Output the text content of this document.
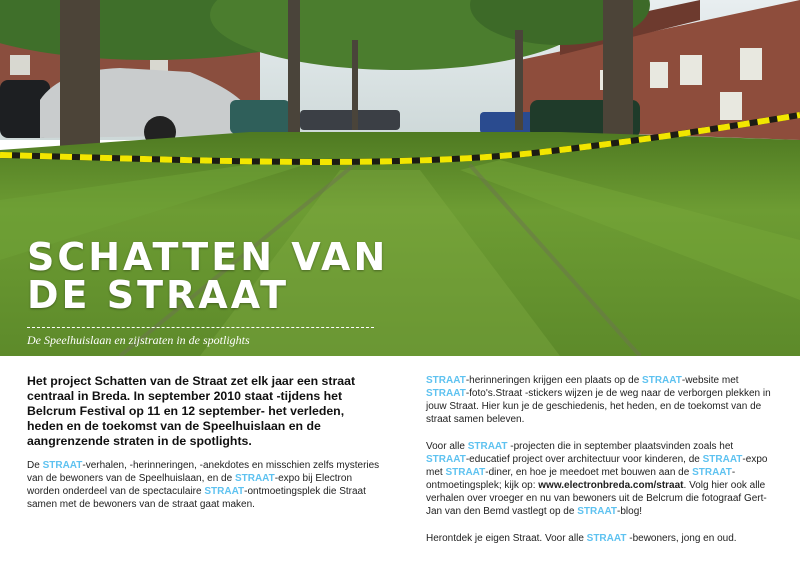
SCHATTEN VAN
DE STRAAT
De Speelhuislaan en zijstraten in de spotlights
Het project Schatten van de Straat zet elk jaar een straat centraal in Breda. In september 2010 staat -tijdens het Belcrum Festival op 11 en 12 september- het verleden, heden en de toekomst van de Speelhuislaan en de aangrenzende straten in de spotlights.

De STRAAT-verhalen, -herinneringen, -anekdotes en misschien zelfs mysteries van de bewoners van de Speelhuislaan, en de STRAAT-expo bij Electron worden onderdeel van de spectaculaire STRAAT-ontmoetingsplek die Straat samen met de bewoners van de straat gaat maken.

STRAAT-herinneringen krijgen een plaats op de STRAAT-website met STRAAT-foto's.Straat -stickers wijzen je de weg naar de verborgen plekken in jouw Straat. Hier kun je de geschiedenis, het heden, en de toekomst van de straat samen beleven.

Voor alle STRAAT -projecten die in september plaatsvinden zoals het STRAAT-educatief project over architectuur voor kinderen, de STRAAT-expo met STRAAT-diner, en hoe je meedoet met bouwen aan de STRAAT-ontmoetingsplek; kijk op: www.electronbreda.com/straat. Volg hier ook alle verhalen over vroeger en nu van bewoners uit de Belcrum die fotograaf Gert-Jan van den Bemd vastlegt op de STRAAT-blog!

Herontdek je eigen Straat. Voor alle STRAAT -bewoners, jong en oud.
